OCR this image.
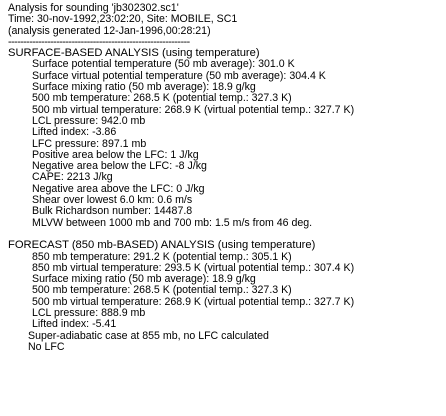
Analysis for sounding 'jb302302.sc1'
Time: 30-nov-1992,23:02:20, Site: MOBILE, SC1
(analysis generated 12-Jan-1996,00:28:21)
------------------------------------------------------------
SURFACE-BASED ANALYSIS (using temperature)
Surface potential temperature (50 mb average): 301.0 K
Surface virtual potential temperature (50 mb average): 304.4 K
Surface mixing ratio (50 mb average): 18.9 g/kg
500 mb temperature: 268.5 K (potential temp.: 327.3 K)
500 mb virtual temperature: 268.9 K (virtual potential temp.: 327.7 K)
LCL pressure: 942.0 mb
Lifted index: -3.86
LFC pressure: 897.1 mb
Positive area below the LFC: 1 J/kg
Negative area below the LFC: -8 J/kg
CAPE: 2213 J/kg
Negative area above the LFC: 0 J/kg
Shear over lowest 6.0 km: 0.6 m/s
Bulk Richardson number: 14487.8
MLVW between 1000 mb and 700 mb: 1.5 m/s from 46 deg.
FORECAST (850 mb-BASED) ANALYSIS (using temperature)
850 mb temperature: 291.2 K (potential temp.: 305.1 K)
850 mb virtual temperature: 293.5 K (virtual potential temp.: 307.4 K)
Surface mixing ratio (50 mb average): 18.9 g/kg
500 mb temperature: 268.5 K (potential temp.: 327.3 K)
500 mb virtual temperature: 268.9 K (virtual potential temp.: 327.7 K)
LCL pressure: 888.9 mb
Lifted index: -5.41
Super-adiabatic case at 855 mb, no LFC calculated
No LFC
